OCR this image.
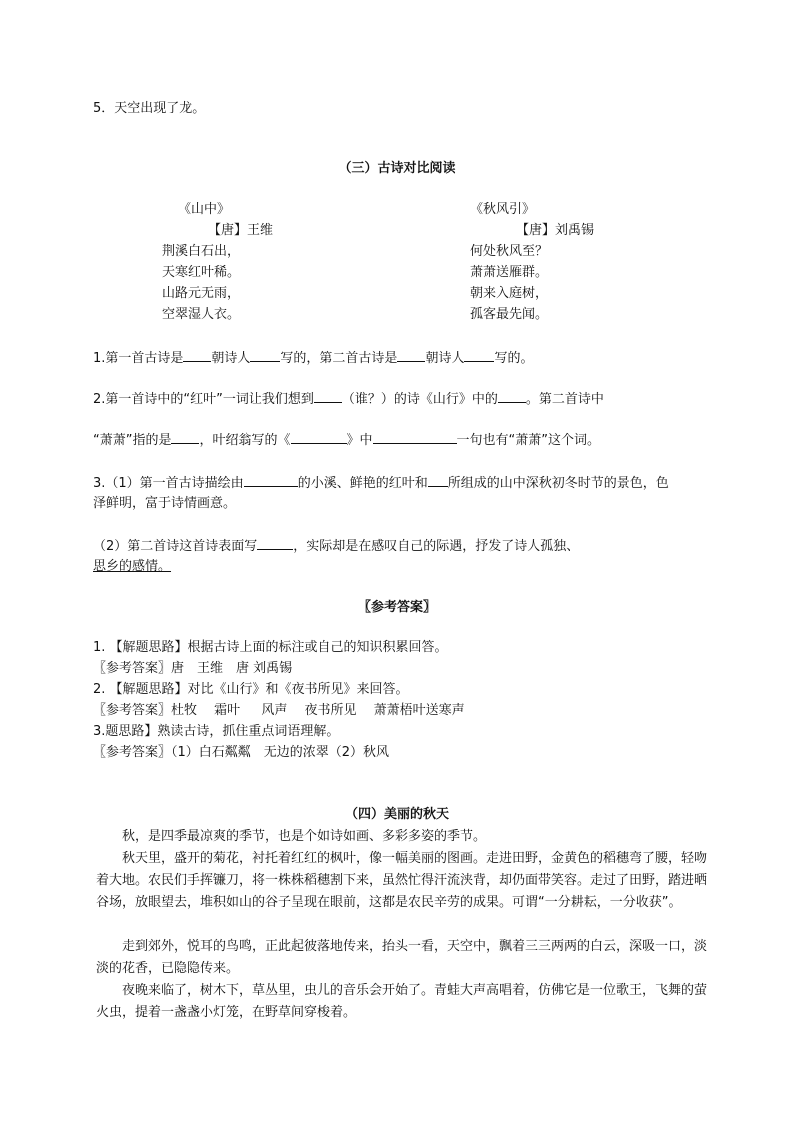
5．天空出现了龙。
（三）古诗对比阅读
《山中》
【唐】王维
荆溪白石出，
天寒红叶稀。
山路元无雨，
空翠湿人衣。
《秋风引》
【唐】刘禹锡
何处秋风至？
萧萧送雁群。
朝来入庭树，
孤客最先闻。
1.第一首古诗是 朝诗人 写的，第二首古诗是 朝诗人 写的。
2.第一首诗中的“红叶”一词让我们想到 （谁？）的诗《山行》中的 。第二首诗中
“萧萧”指的是 ，叶绍翁写的《	》中	一句也有“萧萧”这个词。
3.（1）第一首古诗描绘由	的小溪、鲜艳的红叶和 所组成的山中深秋初冬时节的景色，色
泽鲜明，富于诗情画意。
（2）第二首诗这首诗表面写	，实际却是在感叹自己的际遇，抒发了诗人孤独、
思乡的感情。
〖参考答案〗
1. 【解题思路】根据古诗上面的标注或自己的知识积累回答。
〖参考答案〗唐　王维　唐 刘禹锡
2. 【解题思路】对比《山行》和《夜书所见》来回答。
〖参考答案〗杜牧　 霜叶 　 风声　 夜书所见　 萧萧梧叶送寒声
3.题思路】熟读古诗，抓住重点词语理解。
〖参考答案〗（1）白石粼粼　无边的浓翠（2）秋风
（四）美丽的秋天
秋，是四季最凉爽的季节，也是个如诗如画、多彩多姿的季节。
秋天里，盛开的菊花，衬托着红红的枫叶，像一幅美丽的图画。走进田野，金黄色的稻穗弯了腰，轻吻着大地。农民们手挥镰刀，将一株株稻穗割下来，虽然忙得汗流浃背，却仍面带笑容。走过了田野，踏进晒谷场，放眼望去，堆积如山的谷子呈现在眼前，这都是农民辛劳的成果。可谓“一分耕耘，一分收获”。
走到郊外，悦耳的鸟鸣，正此起彼落地传来，抬头一看，天空中，飘着三三两两的白云，深吸一口，淡淡的花香，已隐隐传来。
夜晚来临了，树木下，草丛里，虫儿的音乐会开始了。青蛙大声高唱着，仿佛它是一位歌王，飞舞的萤火虫，提着一盏盏小灯笼，在野草间穿梭着。
